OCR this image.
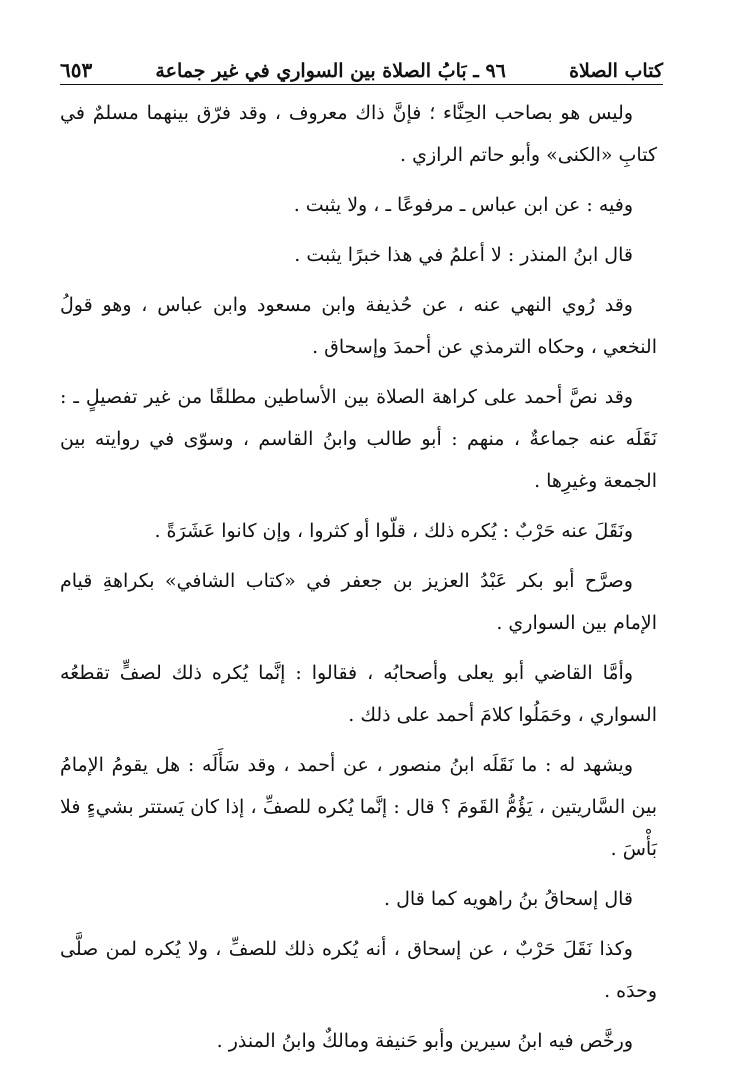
كتاب الصلاة
٩٦ ـ بَابُ الصلاة بين السواري في غير جماعة
٦٥٣

وليس هو بصاحب الحِنَّاء ؛ فإنَّ ذاك معروف ، وقد فرّق بينهما مسلمٌ في كتابِ «الكنى» وأبو حاتم الرازي .

وفيه : عن ابن عباس ـ مرفوعًا ـ ، ولا يثبت .

قال ابنُ المنذر : لا أعلمُ في هذا خبرًا يثبت .

وقد رُوي النهي عنه ، عن حُذيفة وابن مسعود وابن عباس ، وهو قولُ النخعي ، وحكاه الترمذي عن أحمدَ وإسحاق .

وقد نصَّ أحمد على كراهة الصلاة بين الأساطين مطلقًا من غير تفصيلٍ ـ : نَقَلَه عنه جماعةٌ ، منهم : أبو طالب وابنُ القاسم ، وسوّى في روايته بين الجمعة وغيرِها .

ونَقَلَ عنه حَرْبٌ : يُكره ذلك ، قلّوا أو كثروا ، وإن كانوا عَشَرَةً .

وصرَّح أبو بكر عَبْدُ العزيز بن جعفر في «كتاب الشافي» بكراهةِ قيام الإمام بين السواري .

وأمَّا القاضي أبو يعلى وأصحابُه ، فقالوا : إنَّما يُكره ذلك لصفٍّ تقطعُه السواري ، وحَمَلُوا كلامَ أحمد على ذلك .

ويشهد له : ما نَقَلَه ابنُ منصور ، عن أحمد ، وقد سَأَلَه : هل يقومُ الإمامُ بين السَّاريتين ، يَؤُمُّ القَومَ ؟ قال : إنَّما يُكره للصفِّ ، إذا كان يَستتر بشيءٍ فلا بَأْسَ .

قال إسحاقُ بنُ راهويه كما قال .

وكذا نَقَلَ حَرْبٌ ، عن إسحاق ، أنه يُكره ذلك للصفِّ ، ولا يُكره لمن صلَّى وحدَه .

ورخَّص فيه ابنُ سيرين وأبو حَنيفة ومالكٌ وابنُ المنذر .
